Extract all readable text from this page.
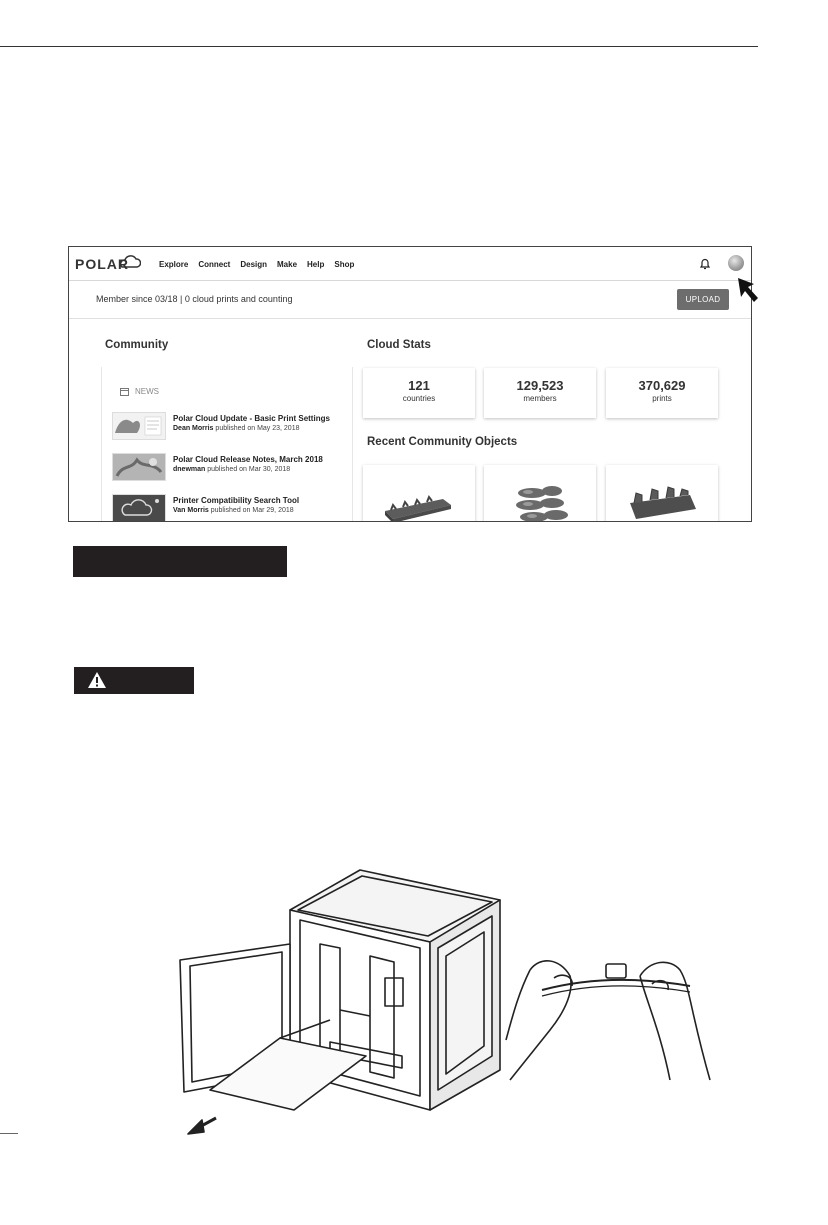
POLAR	Explore Connect Design Make Help Shop
Member since 03/18 | 0 cloud prints and counting	UPLOAD
Community	Cloud Stats
NEWS
Polar Cloud Update - Basic Print Settings
Dean Morris published on May 23, 2018
Polar Cloud Release Notes, March 2018
dnewman published on Mar 30, 2018
Printer Compatibility Search Tool
Van Morris published on Mar 29, 2018
121
countries
129,523
members
370,629
prints
Recent Community Objects
